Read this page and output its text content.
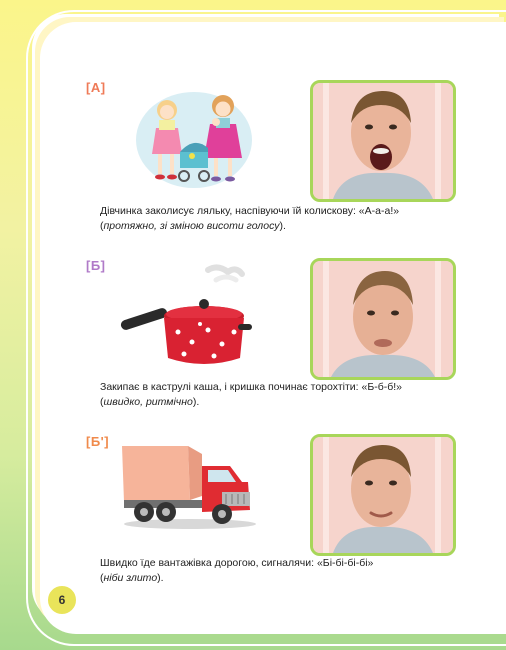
[А]
Дівчинка заколисує ляльку, наспівуючи їй колискову: «А-а-а!»
(протяжно, зі зміною висоти голосу).
[Б]
Закипає в каструлі каша, і кришка починає торохтіти: «Б-б-б!»
(швидко, ритмічно).
[Б']
Швидко їде вантажівка дорогою, сигналячи: «Бі-бі-бі-бі»
(ніби злито).
6
